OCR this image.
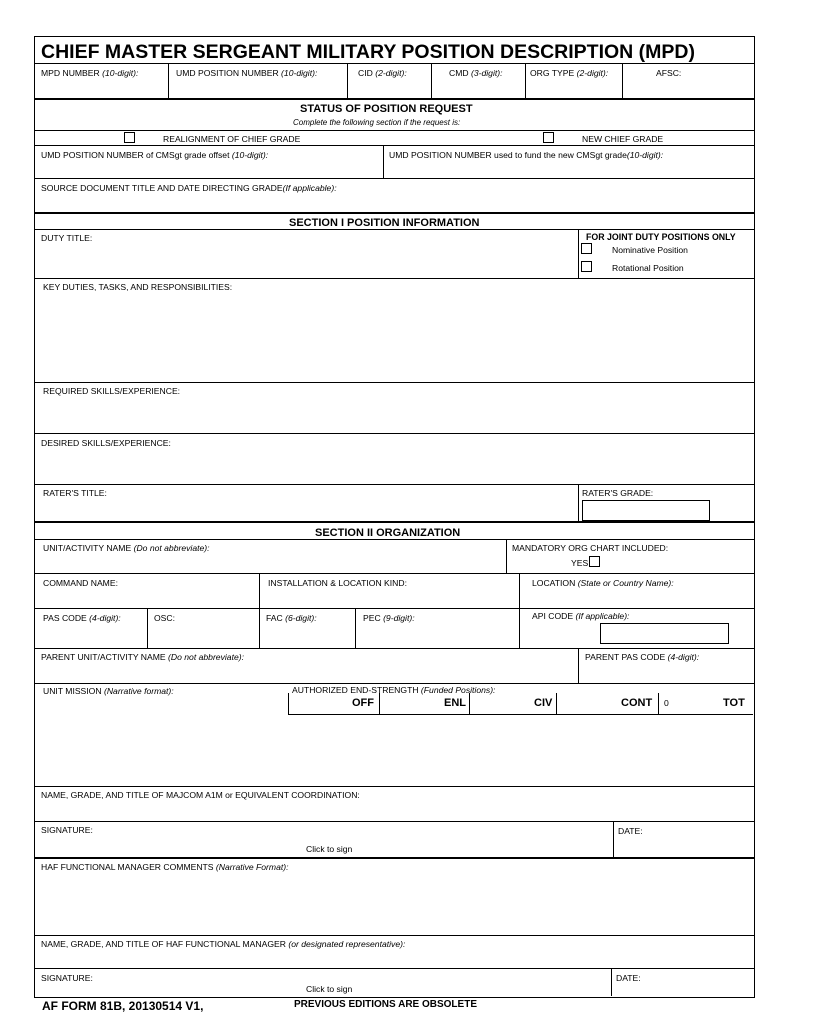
CHIEF MASTER SERGEANT MILITARY POSITION DESCRIPTION (MPD)
MPD NUMBER (10-digit):	UMD POSITION NUMBER (10-digit):	CID (2-digit):	CMD (3-digit):	ORG TYPE (2-digit):	AFSC:
STATUS OF POSITION REQUEST
Complete the following section if the request is:
REALIGNMENT OF CHIEF GRADE	NEW CHIEF GRADE
UMD POSITION NUMBER of CMSgt grade offset (10-digit):	UMD POSITION NUMBER used to fund the new CMSgt grade(10-digit):
SOURCE DOCUMENT TITLE AND DATE DIRECTING GRADE(If applicable):
SECTION I POSITION INFORMATION
DUTY TITLE:	FOR JOINT DUTY POSITIONS ONLY
Nominative Position
Rotational Position
KEY DUTIES, TASKS, AND RESPONSIBILITIES:
REQUIRED SKILLS/EXPERIENCE:
DESIRED SKILLS/EXPERIENCE:
RATER'S TITLE:	RATER'S GRADE:
SECTION II ORGANIZATION
UNIT/ACTIVITY NAME (Do not abbreviate):	MANDATORY ORG CHART INCLUDED:
YES
COMMAND NAME:	INSTALLATION & LOCATION KIND:	LOCATION (State or Country Name):
PAS CODE (4-digit):	OSC:	FAC (6-digit):	PEC (9-digit):	API CODE (If applicable):
PARENT UNIT/ACTIVITY NAME (Do not abbreviate):	PARENT PAS CODE (4-digit):
UNIT MISSION (Narrative format):	AUTHORIZED END-STRENGTH (Funded Positions):
OFF	ENL	CIV	CONT 0	TOT
NAME, GRADE, AND TITLE OF MAJCOM A1M or EQUIVALENT COORDINATION:
SIGNATURE:
Click to sign
DATE:
HAF FUNCTIONAL MANAGER COMMENTS (Narrative Format):
NAME, GRADE, AND TITLE OF HAF FUNCTIONAL MANAGER (or designated representative):
SIGNATURE:
Click to sign
DATE:
AF FORM 81B, 20130514 V1,	PREVIOUS EDITIONS ARE OBSOLETE
